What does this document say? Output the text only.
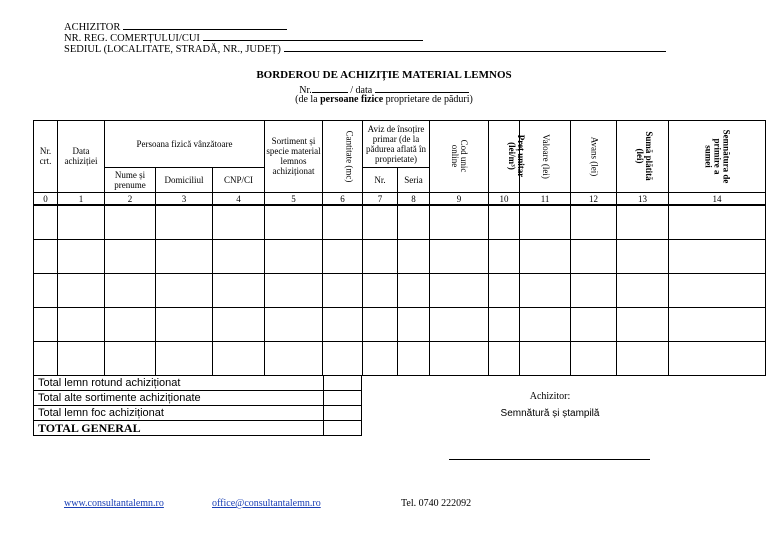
ACHIZITOR
NR. REG. COMERȚULUI/CUI
SEDIUL (LOCALITATE, STRADĂ, NR., JUDEȚ)
BORDEROU DE ACHIZIȚIE MATERIAL LEMNOS
Nr.	/ data
(de la persoane fizice proprietare de păduri)
Nr. crt.	Data achiziției	Persoana fizică vânzătoare			Sortiment și specie material lemnos achiziționat	Cantitate (mc)	Aviz de însoțire primar (de la pădurea aflată în proprietate)		Cod unic online	Preț unitar (lei/m³)	Valoare (lei)	Avans (lei)	Sumă plătită (lei)	Semnătura de primire a sumei
		Nume și prenume	Domiciliul	CNP/CI			Nr.	Seria						
0	1	2	3	4	5	6	7	8	9	10	11	12	13	14

Total lemn rotund achiziționat	
Total alte sortimente achiziționate	
Total lemn foc achiziționat	
TOTAL GENERAL	
Achizitor:
Semnătură și ștampilă
www.consultantalemn.ro	office@consultantalemn.ro	Tel. 0740 222092
